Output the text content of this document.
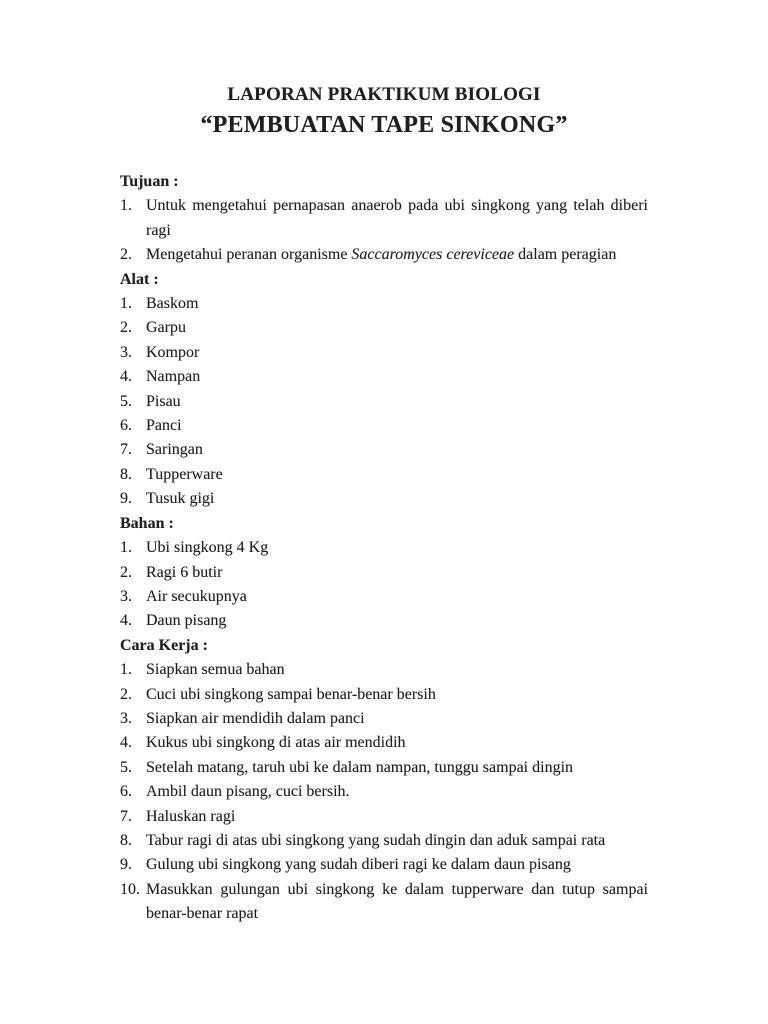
LAPORAN PRAKTIKUM BIOLOGI
“PEMBUATAN TAPE SINKONG”
Tujuan :
1. Untuk mengetahui pernapasan anaerob pada ubi singkong yang telah diberi ragi
2. Mengetahui peranan organisme Saccaromyces cereviceae dalam peragian
Alat :
1. Baskom
2. Garpu
3. Kompor
4. Nampan
5. Pisau
6. Panci
7. Saringan
8. Tupperware
9. Tusuk gigi
Bahan :
1. Ubi singkong 4 Kg
2. Ragi 6 butir
3. Air secukupnya
4. Daun pisang
Cara Kerja :
1. Siapkan semua bahan
2. Cuci ubi singkong sampai benar-benar bersih
3. Siapkan air mendidih dalam panci
4. Kukus ubi singkong di atas air mendidih
5. Setelah matang, taruh ubi ke dalam nampan, tunggu sampai dingin
6. Ambil daun pisang, cuci bersih.
7. Haluskan ragi
8. Tabur ragi di atas ubi singkong yang sudah dingin dan aduk sampai rata
9. Gulung ubi singkong yang sudah diberi ragi ke dalam daun pisang
10. Masukkan gulungan ubi singkong ke dalam tupperware dan tutup sampai benar-benar rapat
